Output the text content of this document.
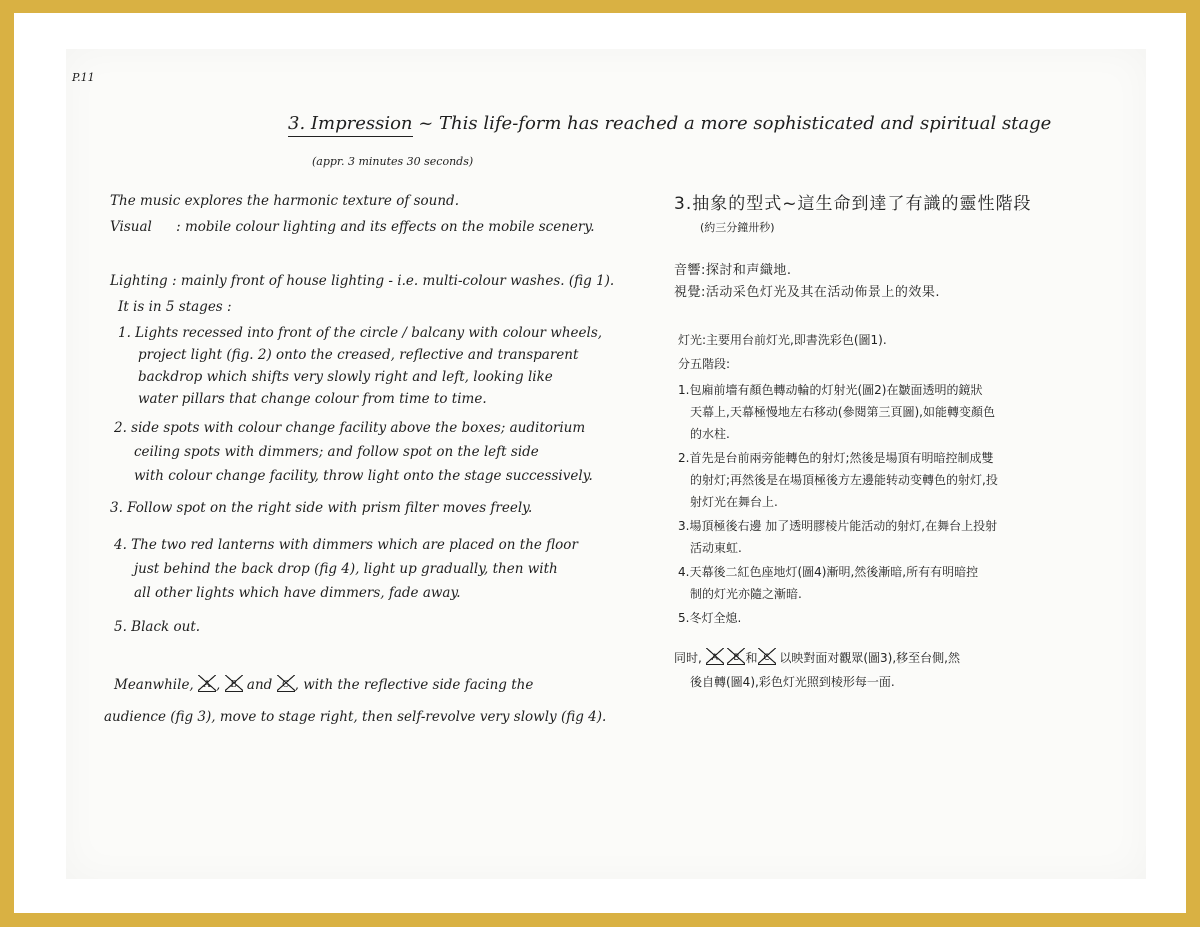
P.11
3. Impression ~ This life-form has reached a more sophisticated and spiritual stage
(appr. 3 minutes 30 seconds)
The music explores the harmonic texture of sound.
Visual : mobile colour lighting and its effects on the mobile scenery.
Lighting : mainly front of house lighting - i.e. multi-colour washes. (fig 1).
It is in 5 stages :
1. Lights recessed into front of the circle / balcany with colour wheels,
project light (fig. 2) onto the creased, reflective and transparent
backdrop which shifts very slowly right and left, looking like
water pillars that change colour from time to time.
2. side spots with colour change facility above the boxes; auditorium
ceiling spots with dimmers; and follow spot on the left side
with colour change facility, throw light onto the stage successively.
3. Follow spot on the right side with prism filter moves freely.
4. The two red lanterns with dimmers which are placed on the floor
just behind the back drop (fig 4), light up gradually, then with
all other lights which have dimmers, fade away.
5. Black out.
Meanwhile, A , B and C , with the reflective side facing the
audience (fig 3), move to stage right, then self-revolve very slowly (fig 4).
3.抽象的型式~這生命到達了有識的靈性階段
(約三分鐘卅秒)
音響:探討和声織地.
視覺:活动采色灯光及其在活动佈景上的效果.
灯光:主要用台前灯光,即書洗彩色(圖1).
分五階段:
1.包廂前墻有顏色轉动輪的灯射光(圖2)在皺面透明的鏡狀
天幕上,天幕極慢地左右移动(參閱第三頁圖),如能轉变顏色
的水柱.
2.首先是台前兩旁能轉色的射灯;然後是場頂有明暗控制成雙
的射灯;再然後是在場頂極後方左邊能转动变轉色的射灯,投
射灯光在舞台上.
3.場頂極後右邊 加了透明膠棱片能活动的射灯,在舞台上投射
活动東虹.
4.天幕後二紅色座地灯(圖4)漸明,然後漸暗,所有有明暗控
制的灯光亦隨之漸暗.
5.冬灯全熄.
同时, A B 和 C 以映對面对觀眾(圖3),移至台側,然
後自轉(圖4),彩色灯光照到棱形每一面.
